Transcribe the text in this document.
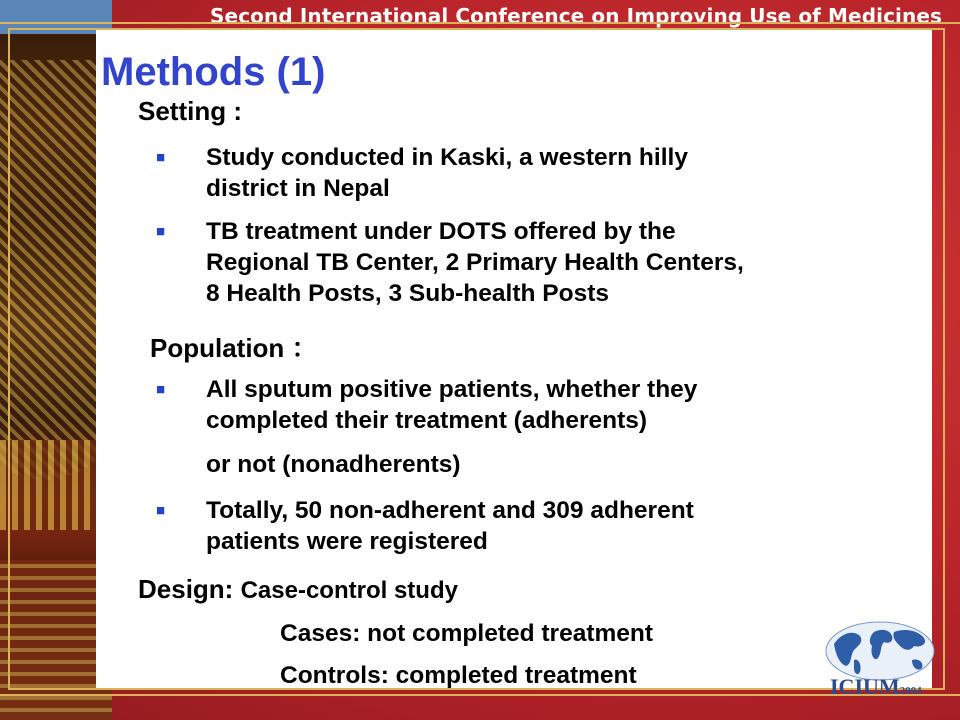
Second International Conference on Improving Use of Medicines
Methods (1)
Setting :
■	Study conducted in Kaski, a western hilly
district in Nepal
■	TB treatment under DOTS offered by the
Regional TB Center, 2 Primary Health Centers,
8 Health Posts, 3 Sub-health Posts
Population ：
■	All sputum positive patients, whether they
completed their treatment (adherents)
or not (nonadherents)
■	Totally, 50 non-adherent and 309 adherent
patients were registered
Design: Case-control study
Cases: not completed treatment
Controls: completed treatment	ICIUM2004
